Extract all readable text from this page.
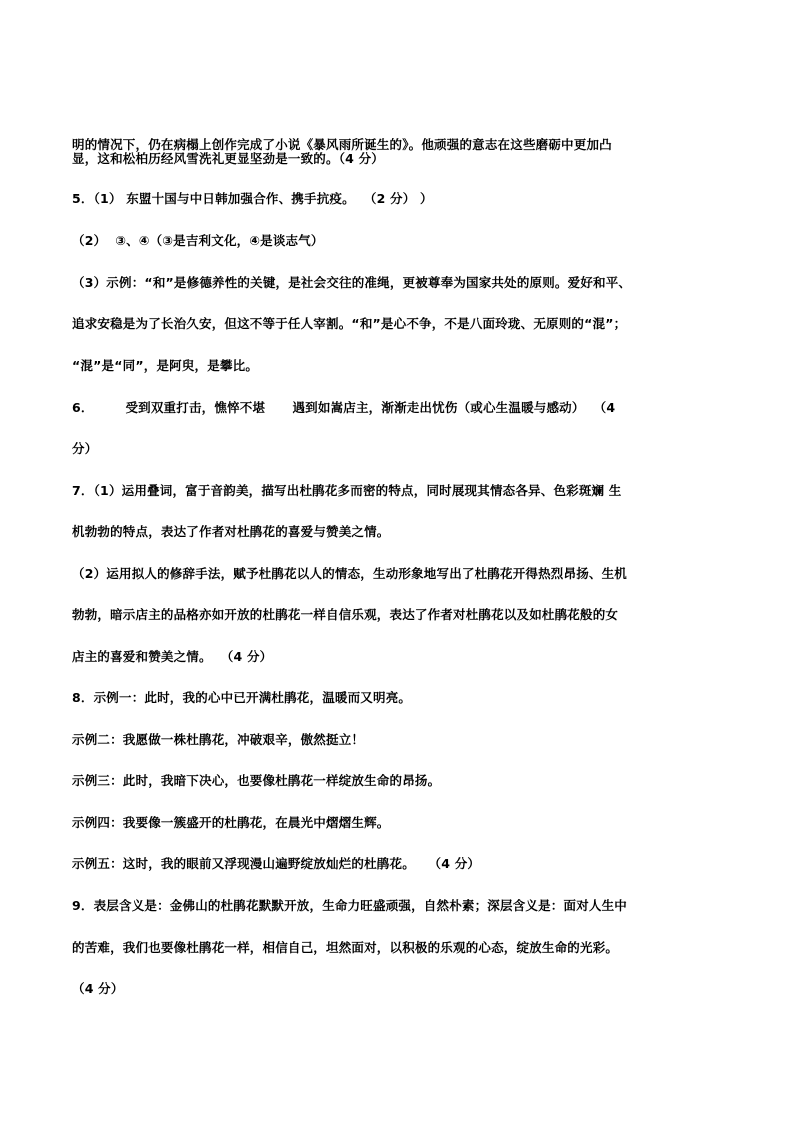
明的情况下，仍在病榻上创作完成了小说《暴风雨所诞生的》。他顽强的意志在这些磨砺中更加凸
显，这和松柏历经风雪洗礼更显坚劲是一致的。（4 分）
5．（1） 东盟十国与中日韩加强合作、携手抗疫。  （2 分） ）
（2）  ③、④（③是吉利文化，④是谈志气）
（3）示例：“和”是修德养性的关键，是社会交往的准绳，更被尊奉为国家共处的原则。爱好和平、
追求安稳是为了长治久安，但这不等于任人宰割。“和”是心不争，不是八面玲珑、无原则的“混”；
“混”是“同”，是阿臾，是攀比。
6．       受到双重打击，憔悴不堪      遇到如嵩店主，渐渐走出忧伤（或心生温暖与感动）  （4
分）
7．（1）运用叠词，富于音韵美，描写出杜鹃花多而密的特点，同时展现其情态各异、色彩斑斓 生
机勃勃的特点，表达了作者对杜鹃花的喜爱与赞美之情。
（2）运用拟人的修辞手法，赋予杜鹃花以人的情态，生动形象地写出了杜鹃花开得热烈昂扬、生机
勃勃，暗示店主的品格亦如开放的杜鹃花一样自信乐观，表达了作者对杜鹃花以及如杜鹃花般的女
店主的喜爱和赞美之情。  （4 分）
8．示例一：此时，我的心中已开满杜鹃花，温暖而又明亮。
示例二：我愿做一株杜鹃花，冲破艰辛，傲然挺立！
示例三：此时，我暗下决心，也要像杜鹃花一样绽放生命的昂扬。
示例四：我要像一簇盛开的杜鹃花，在晨光中熠熠生辉。
示例五：这时，我的眼前又浮现漫山遍野绽放灿烂的杜鹃花。   （4 分）
9．表层含义是：金佛山的杜鹃花默默开放，生命力旺盛顽强，自然朴素；深层含义是：面对人生中
的苦难，我们也要像杜鹃花一样，相信自己，坦然面对，以积极的乐观的心态，绽放生命的光彩。
（4 分）
